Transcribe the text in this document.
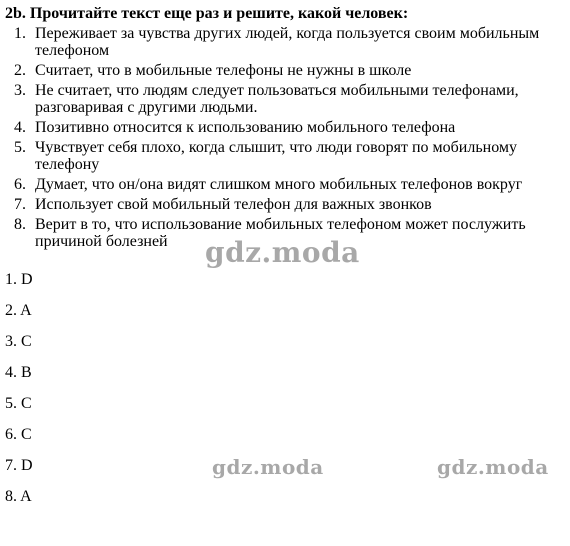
2b. Прочитайте текст еще раз и решите, какой человек:
1. Переживает за чувства других людей, когда пользуется своим мобильным телефоном
2. Считает, что в мобильные телефоны не нужны в школе
3. Не считает, что людям следует пользоваться мобильными телефонами, разговаривая с другими людьми.
4. Позитивно относится к использованию мобильного телефона
5. Чувствует себя плохо, когда слышит, что люди говорят по мобильному телефону
6. Думает, что он/она видят слишком много мобильных телефонов вокруг
7. Использует свой мобильный телефон для важных звонков
8. Верит в то, что использование мобильных телефоном может послужить причиной болезней	gdz.moda
1. D
2. A
3. C
4. B
5. C
6. C
7. D
8. A
gdz.moda	gdz.moda
